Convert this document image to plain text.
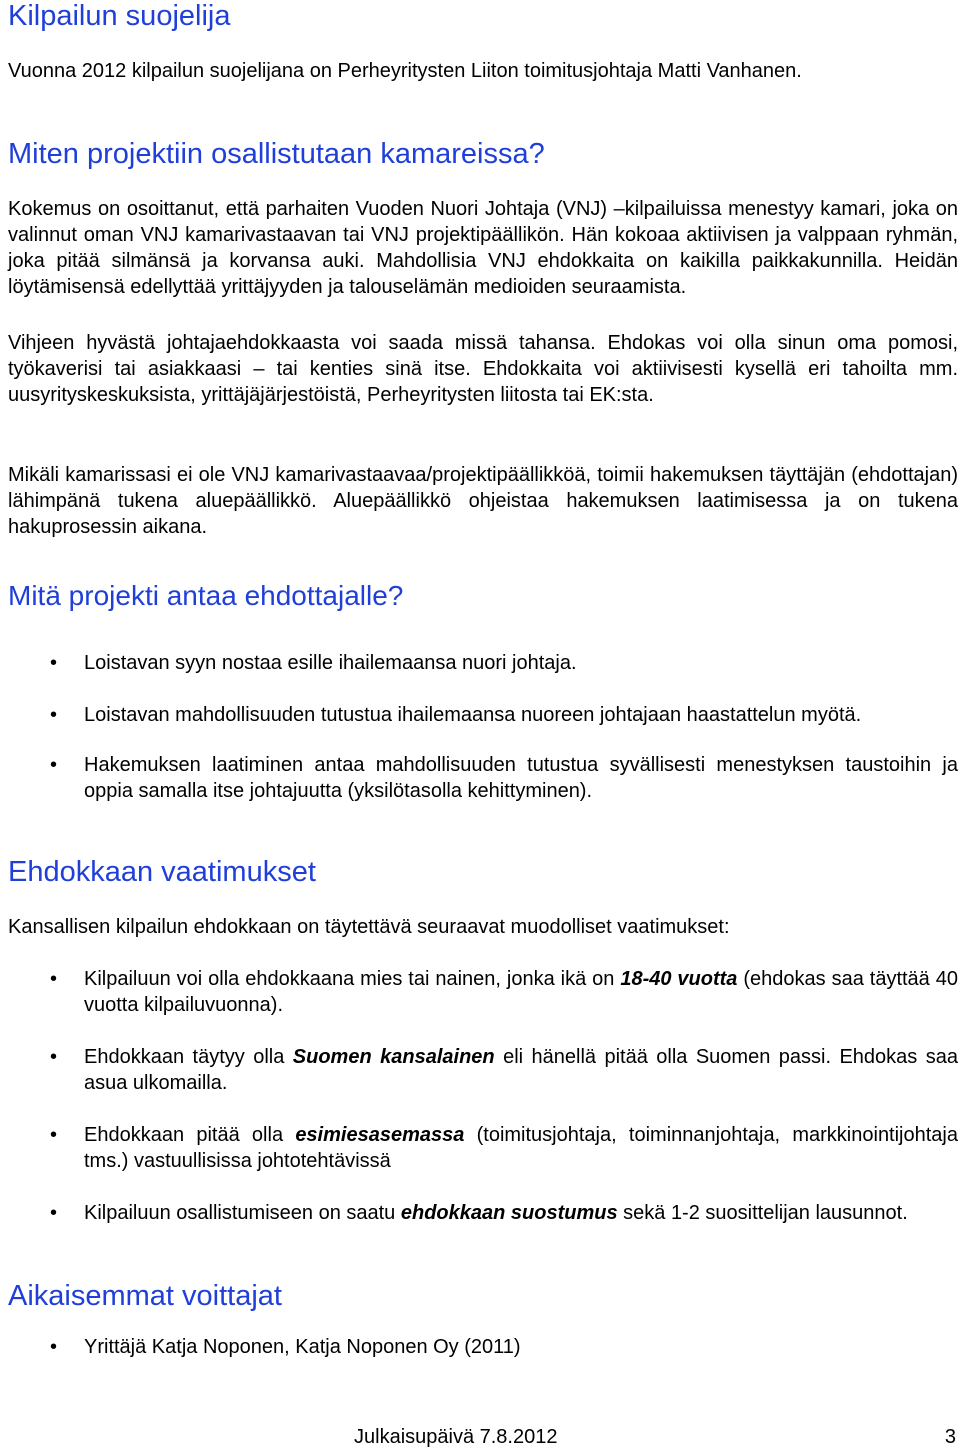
Kilpailun suojelija

Vuonna 2012 kilpailun suojelijana on Perheyritysten Liiton toimitusjohtaja Matti Vanhanen.

Miten projektiin osallistutaan kamareissa?

Kokemus on osoittanut, että parhaiten Vuoden Nuori Johtaja (VNJ) –kilpailuissa menestyy kamari, joka on valinnut oman VNJ kamarivastaavan tai VNJ projektipäällikön. Hän kokoaa aktiivisen ja valppaan ryhmän, joka pitää silmänsä ja korvansa auki. Mahdollisia VNJ ehdokkaita on kaikilla paikkakunnilla. Heidän löytämisensä edellyttää yrittäjyyden ja talouselämän medioiden seuraamista.

Vihjeen hyvästä johtajaehdokkaasta voi saada missä tahansa. Ehdokas voi olla sinun oma pomosi, työkaverisi tai asiakkaasi – tai kenties sinä itse. Ehdokkaita voi aktiivisesti kysellä eri tahoilta mm. uusyrityskeskuksista, yrittäjäjärjestöistä, Perheyritysten liitosta tai EK:sta.

Mikäli kamarissasi ei ole VNJ kamarivastaavaa/projektipäällikköä, toimii hakemuksen täyttäjän (ehdottajan) lähimpänä tukena aluepäällikkö. Aluepäällikkö ohjeistaa hakemuksen laatimisessa ja on tukena hakuprosessin aikana.

Mitä projekti antaa ehdottajalle?
• Loistavan syyn nostaa esille ihailemaansa nuori johtaja.
• Loistavan mahdollisuuden tutustua ihailemaansa nuoreen johtajaan haastattelun myötä.
• Hakemuksen laatiminen antaa mahdollisuuden tutustua syvällisesti menestyksen taustoihin ja oppia samalla itse johtajuutta (yksilötasolla kehittyminen).
Ehdokkaan vaatimukset

Kansallisen kilpailun ehdokkaan on täytettävä seuraavat muodolliset vaatimukset:

• Kilpailuun voi olla ehdokkaana mies tai nainen, jonka ikä on 18-40 vuotta (ehdokas saa täyttää 40 vuotta kilpailuvuonna).
• Ehdokkaan täytyy olla Suomen kansalainen eli hänellä pitää olla Suomen passi. Ehdokas saa asua ulkomailla.
• Ehdokkaan pitää olla esimiesasemassa (toimitusjohtaja, toiminnanjohtaja, markkinointijohtaja tms.) vastuullisissa johtotehtävissä
• Kilpailuun osallistumiseen on saatu ehdokkaan suostumus sekä 1-2 suosittelijan lausunnot.
Aikaisemmat voittajat
• Yrittäjä Katja Noponen, Katja Noponen Oy (2011)
Julkaisupäivä 7.8.2012	3
